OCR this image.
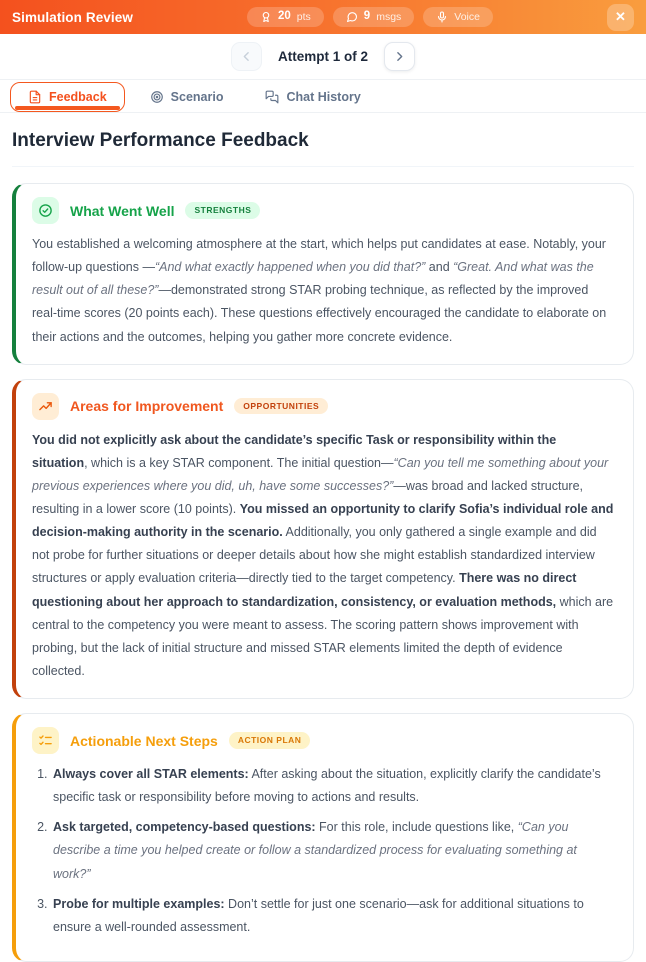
Simulation Review	20 pts	9 msgs	Voice	✕
Attempt 1 of 2
Feedback	Scenario	Chat History
Interview Performance Feedback
What Went Well	STRENGTHS

You established a welcoming atmosphere at the start, which helps put candidates at ease. Notably, your follow-up questions —“And what exactly happened when you did that?” and “Great. And what was the result out of all these?”—demonstrated strong STAR probing technique, as reflected by the improved real-time scores (20 points each). These questions effectively encouraged the candidate to elaborate on their actions and the outcomes, helping you gather more concrete evidence.

Areas for Improvement	OPPORTUNITIES

You did not explicitly ask about the candidate’s specific Task or responsibility within the situation, which is a key STAR component. The initial question—“Can you tell me something about your previous experiences where you did, uh, have some successes?”—was broad and lacked structure, resulting in a lower score (10 points). You missed an opportunity to clarify Sofia’s individual role and decision-making authority in the scenario. Additionally, you only gathered a single example and did not probe for further situations or deeper details about how she might establish standardized interview structures or apply evaluation criteria—directly tied to the target competency. There was no direct questioning about her approach to standardization, consistency, or evaluation methods, which are central to the competency you were meant to assess. The scoring pattern shows improvement with probing, but the lack of initial structure and missed STAR elements limited the depth of evidence collected.

Actionable Next Steps	ACTION PLAN
1. Always cover all STAR elements: After asking about the situation, explicitly clarify the candidate’s specific task or responsibility before moving to actions and results.
2. Ask targeted, competency-based questions: For this role, include questions like, “Can you describe a time you helped create or follow a standardized process for evaluating something at work?”
3. Probe for multiple examples: Don’t settle for just one scenario—ask for additional situations to ensure a well-rounded assessment.
